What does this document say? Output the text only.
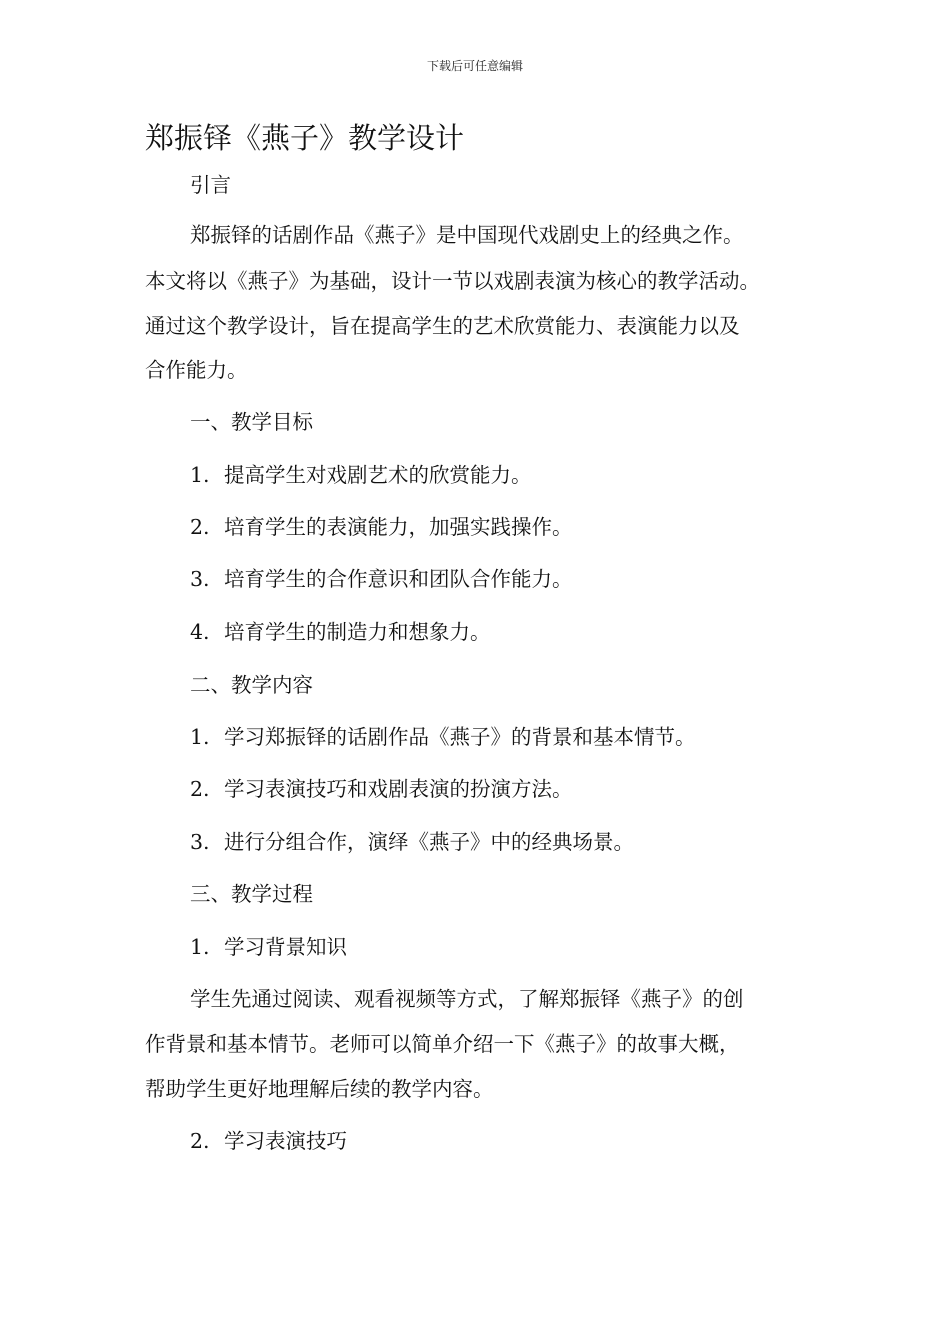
下载后可任意编辑
郑振铎《燕子》教学设计
引言
郑振铎的话剧作品《燕子》是中国现代戏剧史上的经典之作。
本文将以《燕子》为基础，设计一节以戏剧表演为核心的教学活动。
通过这个教学设计，旨在提高学生的艺术欣赏能力、表演能力以及
合作能力。
一、教学目标
1. 提高学生对戏剧艺术的欣赏能力。
2. 培育学生的表演能力，加强实践操作。
3. 培育学生的合作意识和团队合作能力。
4. 培育学生的制造力和想象力。
二、教学内容
1. 学习郑振铎的话剧作品《燕子》的背景和基本情节。
2. 学习表演技巧和戏剧表演的扮演方法。
3. 进行分组合作，演绎《燕子》中的经典场景。
三、教学过程
1. 学习背景知识
学生先通过阅读、观看视频等方式，了解郑振铎《燕子》的创
作背景和基本情节。老师可以简单介绍一下《燕子》的故事大概，
帮助学生更好地理解后续的教学内容。
2. 学习表演技巧
